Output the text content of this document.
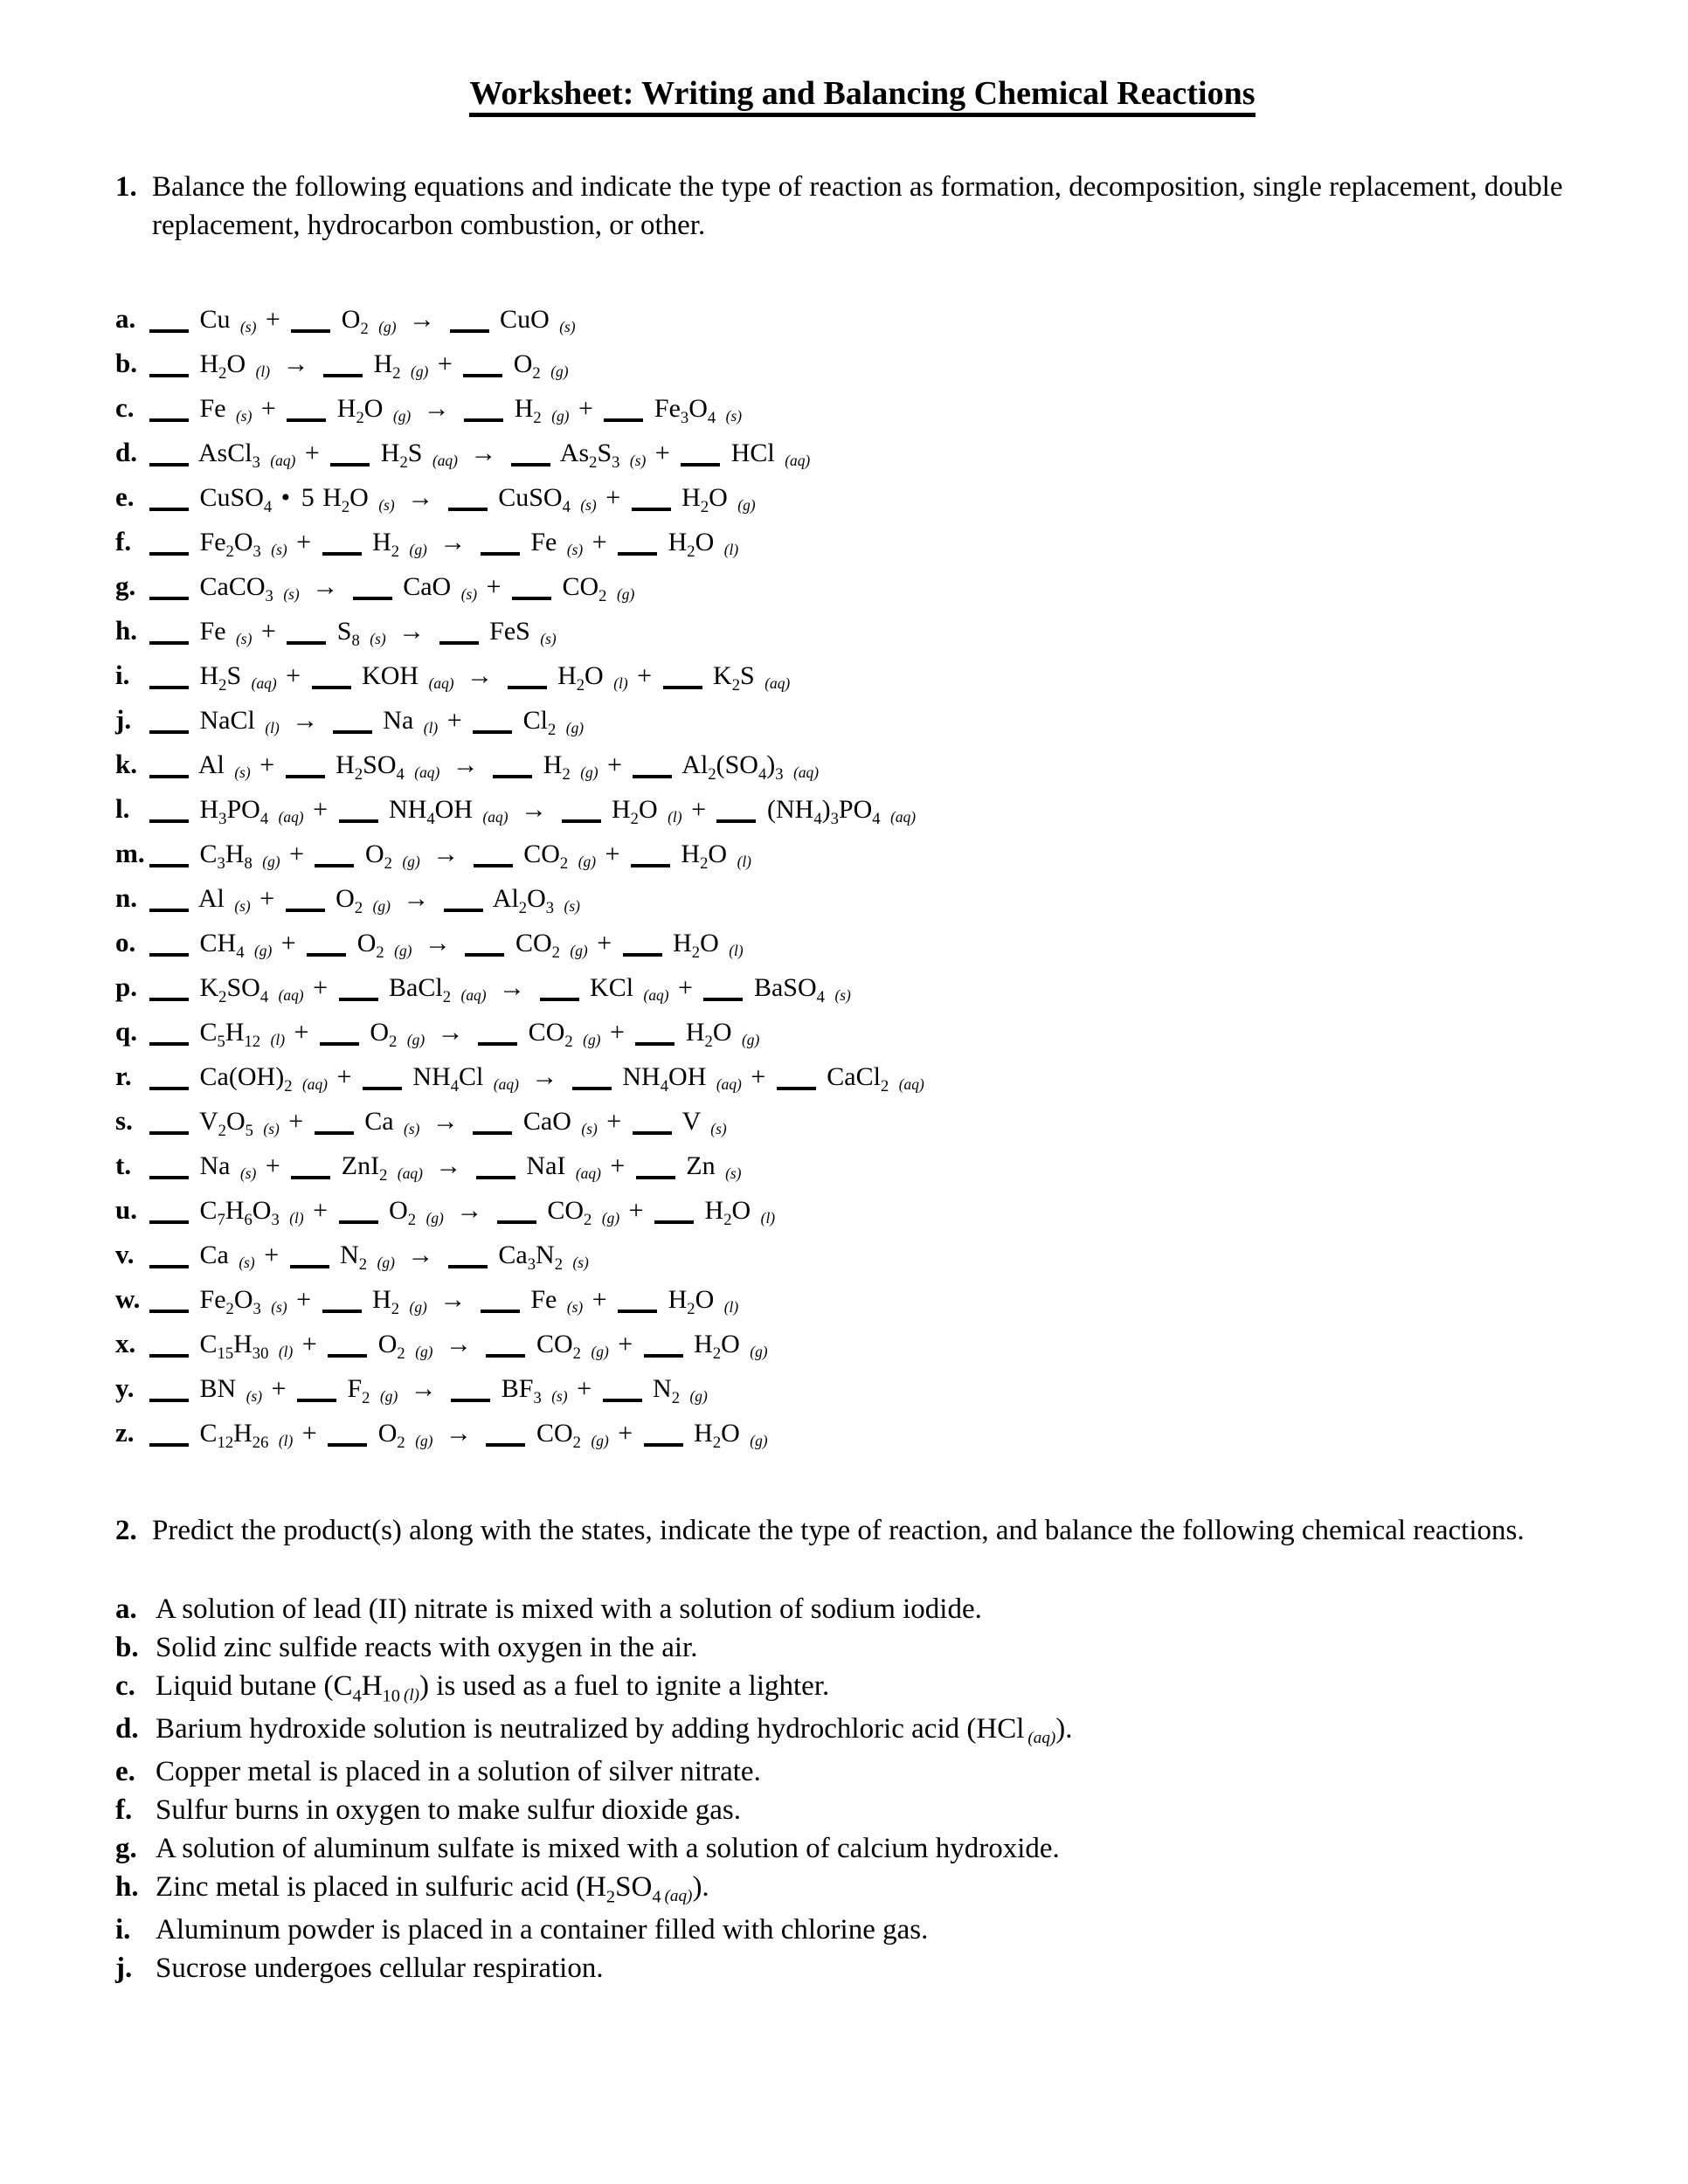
Worksheet: Writing and Balancing Chemical Reactions
1. Balance the following equations and indicate the type of reaction as formation, decomposition, single replacement, double replacement, hydrocarbon combustion, or other.
a. Cu $(s) + O_2$ (g) → CuO (s)
b. $H_2O$ $(l) \to H_2$ $(g) + O_2$ (g)
c. Fe $(s) + H_2O$ $(g) \to H_2$ $(g) + Fe_3O_4$ (s)
d. AsCl$_3$ $(aq) + H_2S$ $(aq) \to As_2S_3$ (s) + HCl (aq)
e. CuSO$_4$ • 5 $H_2O$ (s) → CuSO$_4$ $(s) + H_2O$ (g)
f.	$Fe_2O_3$ $(s) + H_2$ (g) → Fe $(s) + H_2O$ (l)
g. CaCO$_3$ (s) → CaO $(s) + CO_2$ (g)
h. Fe $(s) + S_8$ (s) → FeS (s)
i.	$H_2S$ (aq) + KOH $(aq) \to H_2O$ $(l) + K_2S$ (aq)
j.	NaCl (l) → Na $(l) + Cl_2$ (g)
k. Al $(s) + H_2SO_4$ $(aq) \to H_2$ $(g) + Al_2(SO_4)_3$ (aq)
l.	$H_3PO_4$ $(aq) + NH_4OH$ $(aq) \to H_2O$ $(l) + (NH_4)_3PO_4$ (aq)
m. $C_3H_8$ $(g) + O_2$ $(g) \to CO_2$ $(g) + H_2O$ (l)
n. Al $(s) + O_2$ $(g) \to Al_2O_3$ (s)
o. $CH_4$ $(g) + O_2$ $(g) \to CO_2$ $(g) + H_2O$ (l)
p. $K_2SO_4$ (aq) + BaCl$_2$ (aq) → KCl (aq) + BaSO$_4$ (s)
q. $C_5H_{12}$ $(l) + O_2$ $(g) \to CO_2$ $(g) + H_2O$ (g)
r.	$Ca(OH)_2$ $(aq) + NH_4Cl$ $(aq) \to NH_4OH$ (aq) + CaCl$_2$ (aq)
s.	$V_2O_5$ (s) + Ca (s) → CaO (s) + V (s)
t.	Na (s) + ZnI$_2$ (aq) → NaI (aq) + Zn (s)
u. $C_7H_6O_3$ $(l) + O_2$ $(g) \to CO_2$ $(g) + H_2O$ (l)
v. Ca $(s) + N_2$ $(g) \to Ca_3N_2$ (s)
w. $Fe_2O_3$ $(s) + H_2$ (g) → Fe $(s) + H_2O$ (l)
x. $C_{15}H_{30}$ $(l) + O_2$ $(g) \to CO_2$ $(g) + H_2O$ (g)
y. BN $(s) + F_2$ $(g) \to BF_3$ $(s) + N_2$ (g)
z. $C_{12}H_{26}$ $(l) + O_2$ $(g) \to CO_2$ $(g) + H_2O$ (g)
2. Predict the product(s) along with the states, indicate the type of reaction, and balance the following chemical reactions.
a. A solution of lead (II) nitrate is mixed with a solution of sodium iodide.
b. Solid zinc sulfide reacts with oxygen in the air.
c. Liquid butane ($C_4H_{10}$ (l)) is used as a fuel to ignite a lighter.
d. Barium hydroxide solution is neutralized by adding hydrochloric acid (HCl (aq)).
e. Copper metal is placed in a solution of silver nitrate.
f. Sulfur burns in oxygen to make sulfur dioxide gas.
g. A solution of aluminum sulfate is mixed with a solution of calcium hydroxide.
h. Zinc metal is placed in sulfuric acid ($H_2SO_4$ (aq)).
i. Aluminum powder is placed in a container filled with chlorine gas.
j. Sucrose undergoes cellular respiration.
